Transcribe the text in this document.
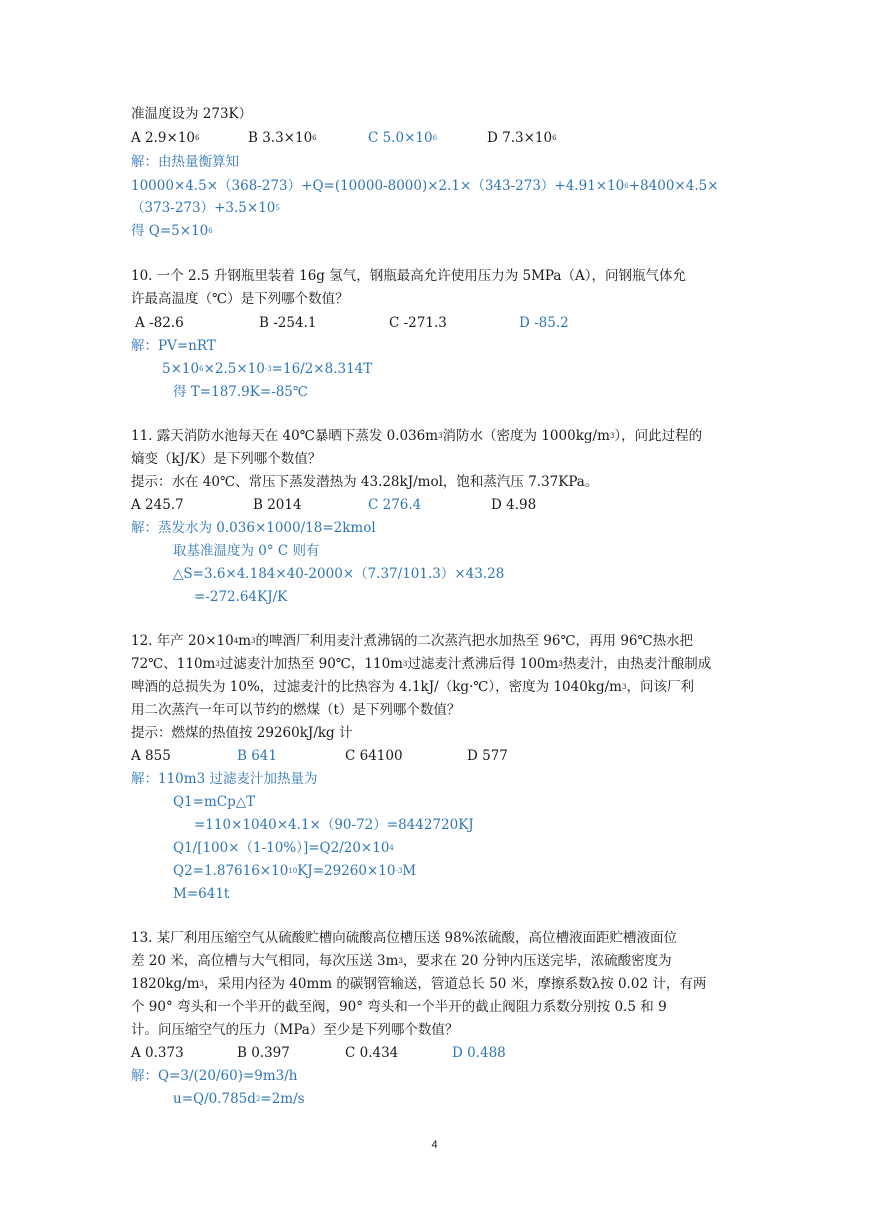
准温度设为 273K）
A $2.9\times 10^6$	B $3.3\times 10^6$	C $5.0\times 10^6$	D $7.3\times 10^6$
解：由热量衡算知
$10000\times 4.5\times(368-273)+Q=(10000-8000)\times 2.1\times(343-273)+4.91\times 10^6+8400\times 4.5\times$
$(373-273)+3.5\times 10^5$
得 $Q=5\times 10^6$
10. 一个 2.5 升钢瓶里装着 16g 氢气，钢瓶最高允许使用压力为 5MPa（A），问钢瓶气体允
许最高温度（℃）是下列哪个数值？
A -82.6	B -254.1	C -271.3	D -85.2
解：PV=nRT
$5\times 10^6\times 2.5\times 10^{-3}=16/2\times 8.314T$
得 T=187.9K=-85℃
11. 露天消防水池每天在 40℃暴晒下蒸发 $0.036m^3$消防水（密度为 $1000kg/m^3$），问此过程的
熵变（kJ/K）是下列哪个数值？
提示：水在 40℃、常压下蒸发潜热为 43.28kJ/mol，饱和蒸汽压 7.37KPa。
A 245.7	B 2014	C 276.4	D 4.98
解：蒸发水为 0.036×1000/18=2kmol
取基准温度为 0° C 则有
△S=3.6×4.184×40-2000×（7.37/101.3）×43.28
=-272.64KJ/K
12. 年产 $20\times 10^4m^3$的啤酒厂利用麦汁煮沸锅的二次蒸汽把水加热至 96℃，再用 96℃热水把
72℃、$110m^3$过滤麦汁加热至 90℃，$110m^3$过滤麦汁煮沸后得 $100m^3$热麦汁，由热麦汁酿制成
啤酒的总损失为 10%，过滤麦汁的比热容为 4.1kJ/（kg·℃），密度为 $1040kg/m^3$，问该厂利
用二次蒸汽一年可以节约的燃煤（t）是下列哪个数值？
提示：燃煤的热值按 29260kJ/kg 计
A 855	B 641	C 64100	D 577
解：110m3 过滤麦汁加热量为
Q1=mCp△T
=110×1040×4.1×（90-72）=8442720KJ
$Q1/[100\times(1-10\%)]=Q2/20\times 10^4$
$Q2=1.87616\times 10^{10}KJ=29260\times 10^{-3}M$
M=641t
13. 某厂利用压缩空气从硫酸贮槽向硫酸高位槽压送 98%浓硫酸，高位槽液面距贮槽液面位
差 20 米，高位槽与大气相同，每次压送 $3m^3$，要求在 20 分钟内压送完毕，浓硫酸密度为
$1820kg/m^3$，采用内径为 40mm 的碳钢管输送，管道总长 50 米，摩擦系数λ按 0.02 计，有两
个 90° 弯头和一个半开的截至阀，90° 弯头和一个半开的截止阀阻力系数分别按 0.5 和 9
计。问压缩空气的压力（MPa）至少是下列哪个数值？
A 0.373	B 0.397	C 0.434	D 0.488
解：Q=3/(20/60)=9m3/h
$u=Q/0.785d^2=2m/s$
4
